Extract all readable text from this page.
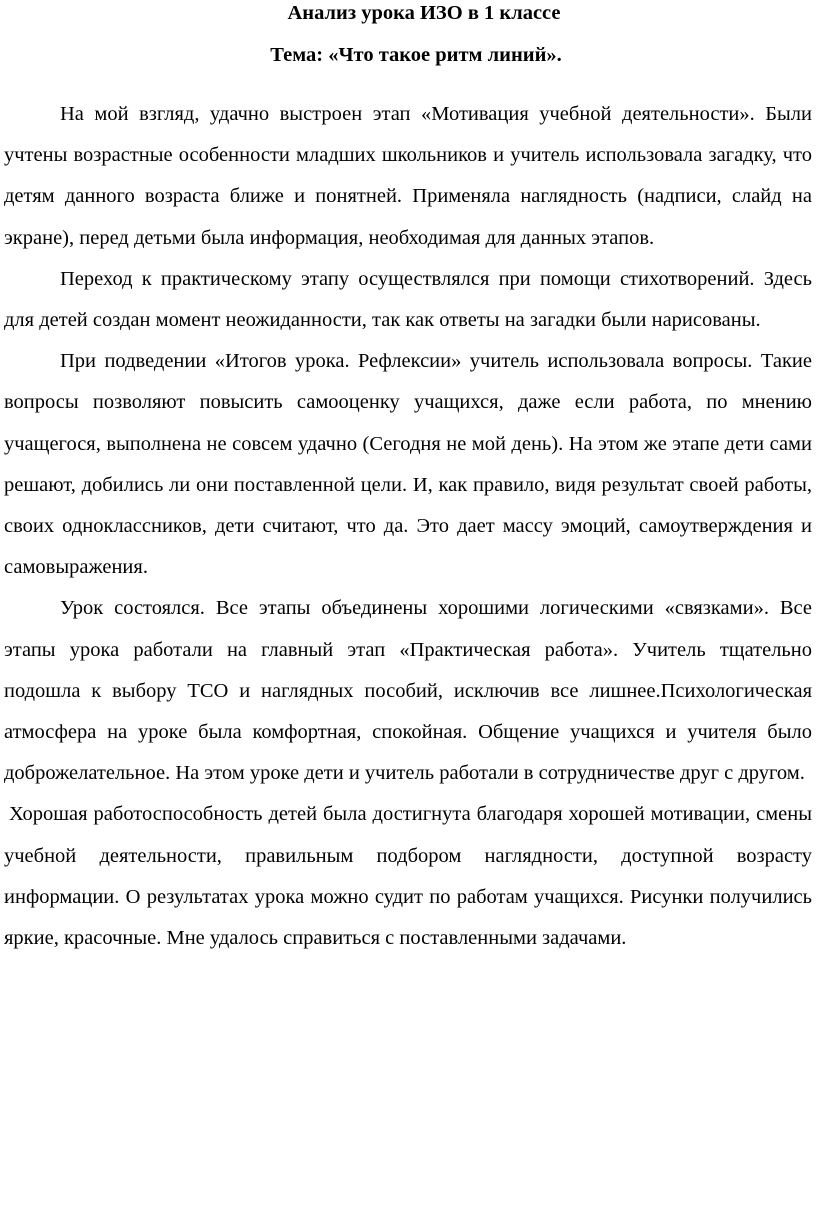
Анализ урока ИЗО в 1 классе
Тема: «Что такое ритм линий».

На мой взгляд, удачно выстроен этап «Мотивация учебной деятельности». Были учтены возрастные особенности младших школьников и учитель использовала загадку, что детям данного возраста ближе и понятней. Применяла наглядность (надписи, слайд на экране), перед детьми была информация, необходимая для данных этапов.

Переход к практическому этапу осуществлялся при помощи стихотворений. Здесь для детей создан момент неожиданности, так как ответы на загадки были нарисованы.

При подведении «Итогов урока. Рефлексии» учитель использовала вопросы. Такие вопросы позволяют повысить самооценку учащихся, даже если работа, по мнению учащегося, выполнена не совсем удачно (Сегодня не мой день). На этом же этапе дети сами решают, добились ли они поставленной цели. И, как правило, видя результат своей работы, своих одноклассников, дети считают, что да. Это дает массу эмоций, самоутверждения и самовыражения.

Урок состоялся. Все этапы объединены хорошими логическими «связками». Все этапы урока работали на главный этап «Практическая работа». Учитель тщательно подошла к выбору ТСО и наглядных пособий, исключив все лишнее.Психологическая атмосфера на уроке была комфортная, спокойная. Общение учащихся и учителя было доброжелательное. На этом уроке дети и учитель работали в сотрудничестве друг с другом.

Хорошая работоспособность детей была достигнута благодаря хорошей мотивации, смены учебной деятельности, правильным подбором наглядности, доступной возрасту информации. О результатах урока можно судит по работам учащихся. Рисунки получились яркие, красочные. Мне удалось справиться с поставленными задачами.
